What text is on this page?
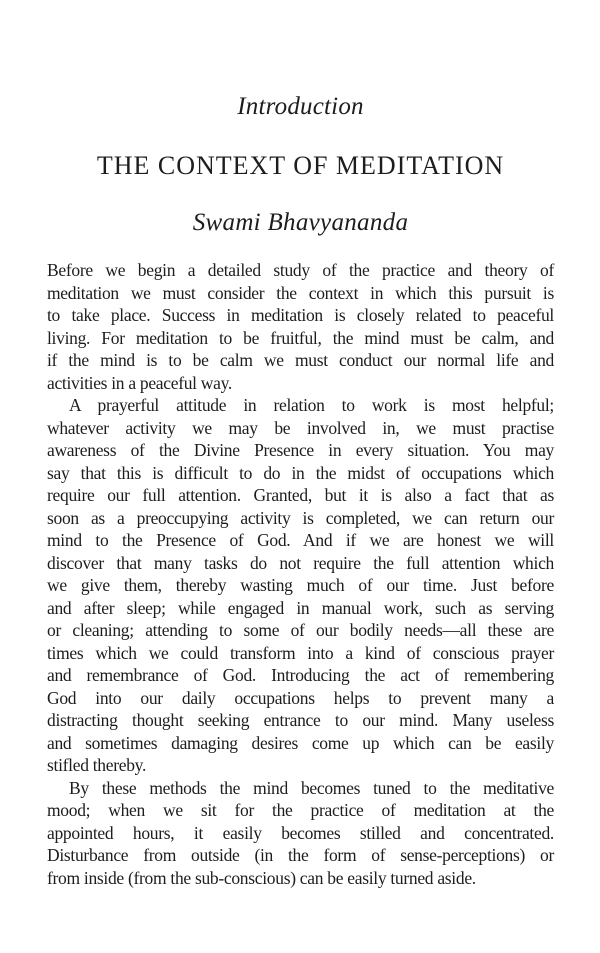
Introduction
THE CONTEXT OF MEDITATION
Swami Bhavyananda
Before we begin a detailed study of the practice and theory of
meditation we must consider the context in which this pursuit is
to take place. Success in meditation is closely related to peaceful
living. For meditation to be fruitful, the mind must be calm, and
if the mind is to be calm we must conduct our normal life and
activities in a peaceful way.
A prayerful attitude in relation to work is most helpful;
whatever activity we may be involved in, we must practise
awareness of the Divine Presence in every situation. You may
say that this is difficult to do in the midst of occupations which
require our full attention. Granted, but it is also a fact that as
soon as a preoccupying activity is completed, we can return our
mind to the Presence of God. And if we are honest we will
discover that many tasks do not require the full attention which
we give them, thereby wasting much of our time. Just before
and after sleep; while engaged in manual work, such as serving
or cleaning; attending to some of our bodily needs—all these are
times which we could transform into a kind of conscious prayer
and remembrance of God. Introducing the act of remembering
God into our daily occupations helps to prevent many a
distracting thought seeking entrance to our mind. Many useless
and sometimes damaging desires come up which can be easily
stifled thereby.
By these methods the mind becomes tuned to the meditative
mood; when we sit for the practice of meditation at the
appointed hours, it easily becomes stilled and concentrated.
Disturbance from outside (in the form of sense-perceptions) or
from inside (from the sub-conscious) can be easily turned aside.
